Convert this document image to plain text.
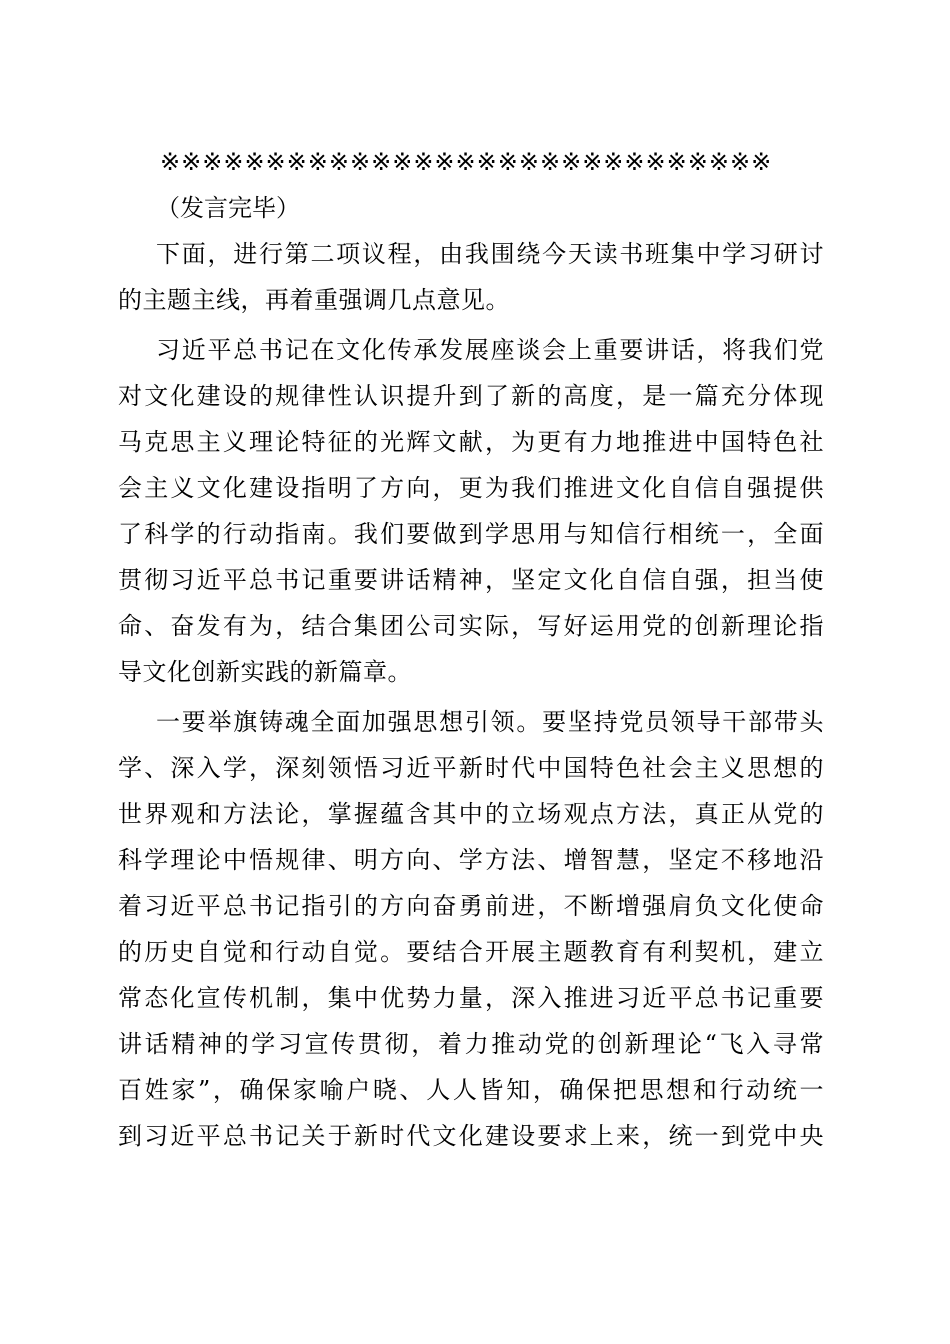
※※※※※※※※※※※※※※※※※※※※※※※※※※※※※
（发言完毕）
下面，进行第二项议程，由我围绕今天读书班集中学习研讨
的主题主线，再着重强调几点意见。
习近平总书记在文化传承发展座谈会上重要讲话，将我们党
对文化建设的规律性认识提升到了新的高度，是一篇充分体现
马克思主义理论特征的光辉文献，为更有力地推进中国特色社
会主义文化建设指明了方向，更为我们推进文化自信自强提供
了科学的行动指南。我们要做到学思用与知信行相统一，全面
贯彻习近平总书记重要讲话精神，坚定文化自信自强，担当使
命、奋发有为，结合集团公司实际，写好运用党的创新理论指
导文化创新实践的新篇章。
一要举旗铸魂全面加强思想引领。要坚持党员领导干部带头
学、深入学，深刻领悟习近平新时代中国特色社会主义思想的
世界观和方法论，掌握蕴含其中的立场观点方法，真正从党的
科学理论中悟规律、明方向、学方法、增智慧，坚定不移地沿
着习近平总书记指引的方向奋勇前进，不断增强肩负文化使命
的历史自觉和行动自觉。要结合开展主题教育有利契机，建立
常态化宣传机制，集中优势力量，深入推进习近平总书记重要
讲话精神的学习宣传贯彻，着力推动党的创新理论“飞入寻常
百姓家”，确保家喻户晓、人人皆知，确保把思想和行动统一
到习近平总书记关于新时代文化建设要求上来，统一到党中央
